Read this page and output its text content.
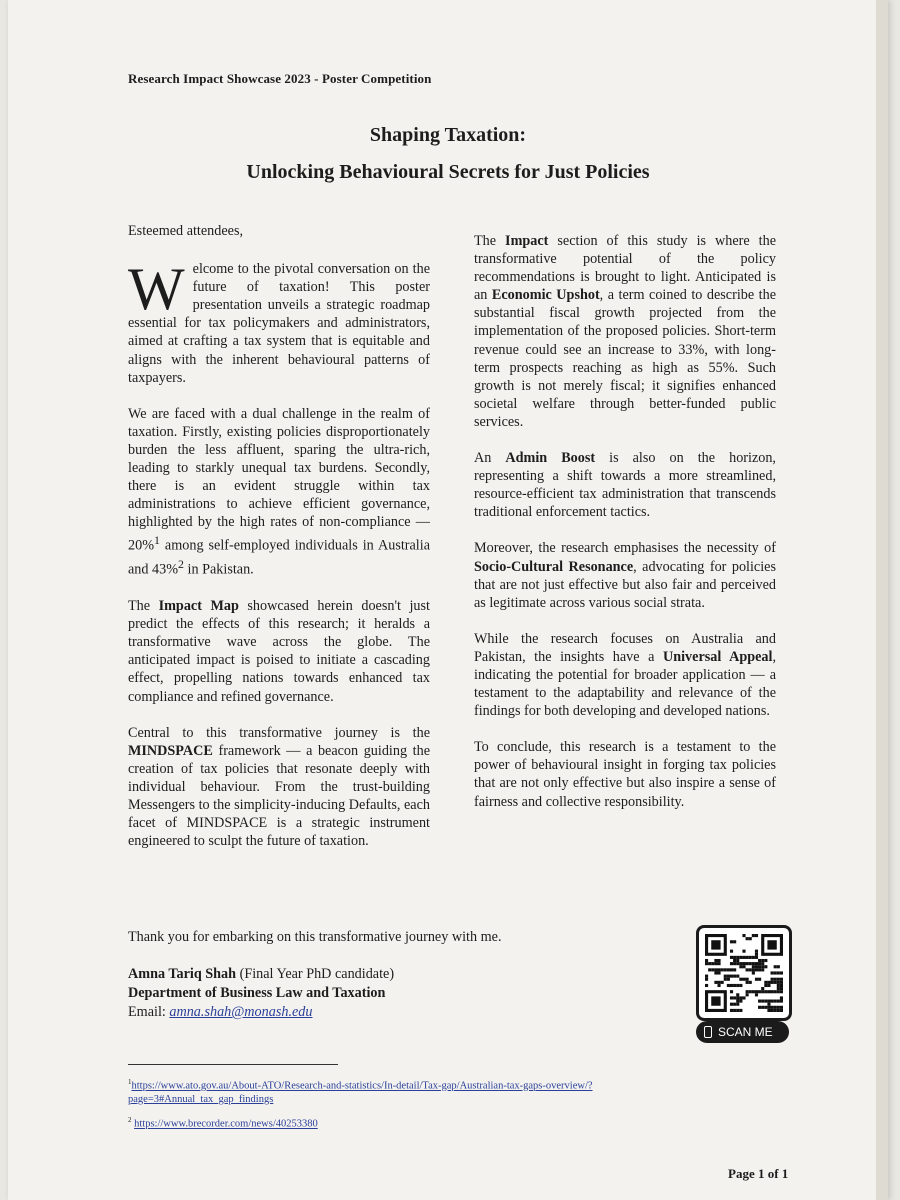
Research Impact Showcase 2023 - Poster Competition
Shaping Taxation:
Unlocking Behavioural Secrets for Just Policies

Esteemed attendees,

Welcome to the pivotal conversation on the future of taxation! This poster presentation unveils a strategic roadmap essential for tax policymakers and administrators, aimed at crafting a tax system that is equitable and aligns with the inherent behavioural patterns of taxpayers.

We are faced with a dual challenge in the realm of taxation. Firstly, existing policies disproportionately burden the less affluent, sparing the ultra-rich, leading to starkly unequal tax burdens. Secondly, there is an evident struggle within tax administrations to achieve efficient governance, highlighted by the high rates of non-compliance — 20%$^1$ among self-employed individuals in Australia and 43%$^2$ in Pakistan.

The Impact Map showcased herein doesn't just predict the effects of this research; it heralds a transformative wave across the globe. The anticipated impact is poised to initiate a cascading effect, propelling nations towards enhanced tax compliance and refined governance.

Central to this transformative journey is the MINDSPACE framework — a beacon guiding the creation of tax policies that resonate deeply with individual behaviour. From the trust-building Messengers to the simplicity-inducing Defaults, each facet of MINDSPACE is a strategic instrument engineered to sculpt the future of taxation.

The Impact section of this study is where the transformative potential of the policy recommendations is brought to light. Anticipated is an Economic Upshot, a term coined to describe the substantial fiscal growth projected from the implementation of the proposed policies. Short-term revenue could see an increase to 33%, with long-term prospects reaching as high as 55%. Such growth is not merely fiscal; it signifies enhanced societal welfare through better-funded public services.

An Admin Boost is also on the horizon, representing a shift towards a more streamlined, resource-efficient tax administration that transcends traditional enforcement tactics.

Moreover, the research emphasises the necessity of Socio-Cultural Resonance, advocating for policies that are not just effective but also fair and perceived as legitimate across various social strata.

While the research focuses on Australia and Pakistan, the insights have a Universal Appeal, indicating the potential for broader application — a testament to the adaptability and relevance of the findings for both developing and developed nations.

To conclude, this research is a testament to the power of behavioural insight in forging tax policies that are not only effective but also inspire a sense of fairness and collective responsibility.

Thank you for embarking on this transformative journey with me.
Amna Tariq Shah (Final Year PhD candidate)
Department of Business Law and Taxation
Email: amna.shah@monash.edu
SCAN ME
$^1$https://www.ato.gov.au/About-ATO/Research-and-statistics/In-detail/Tax-gap/Australian-tax-gaps-overview/?page=3#Annual_tax_gap_findings
$^2$ https://www.brecorder.com/news/40253380
Page 1 of 1
